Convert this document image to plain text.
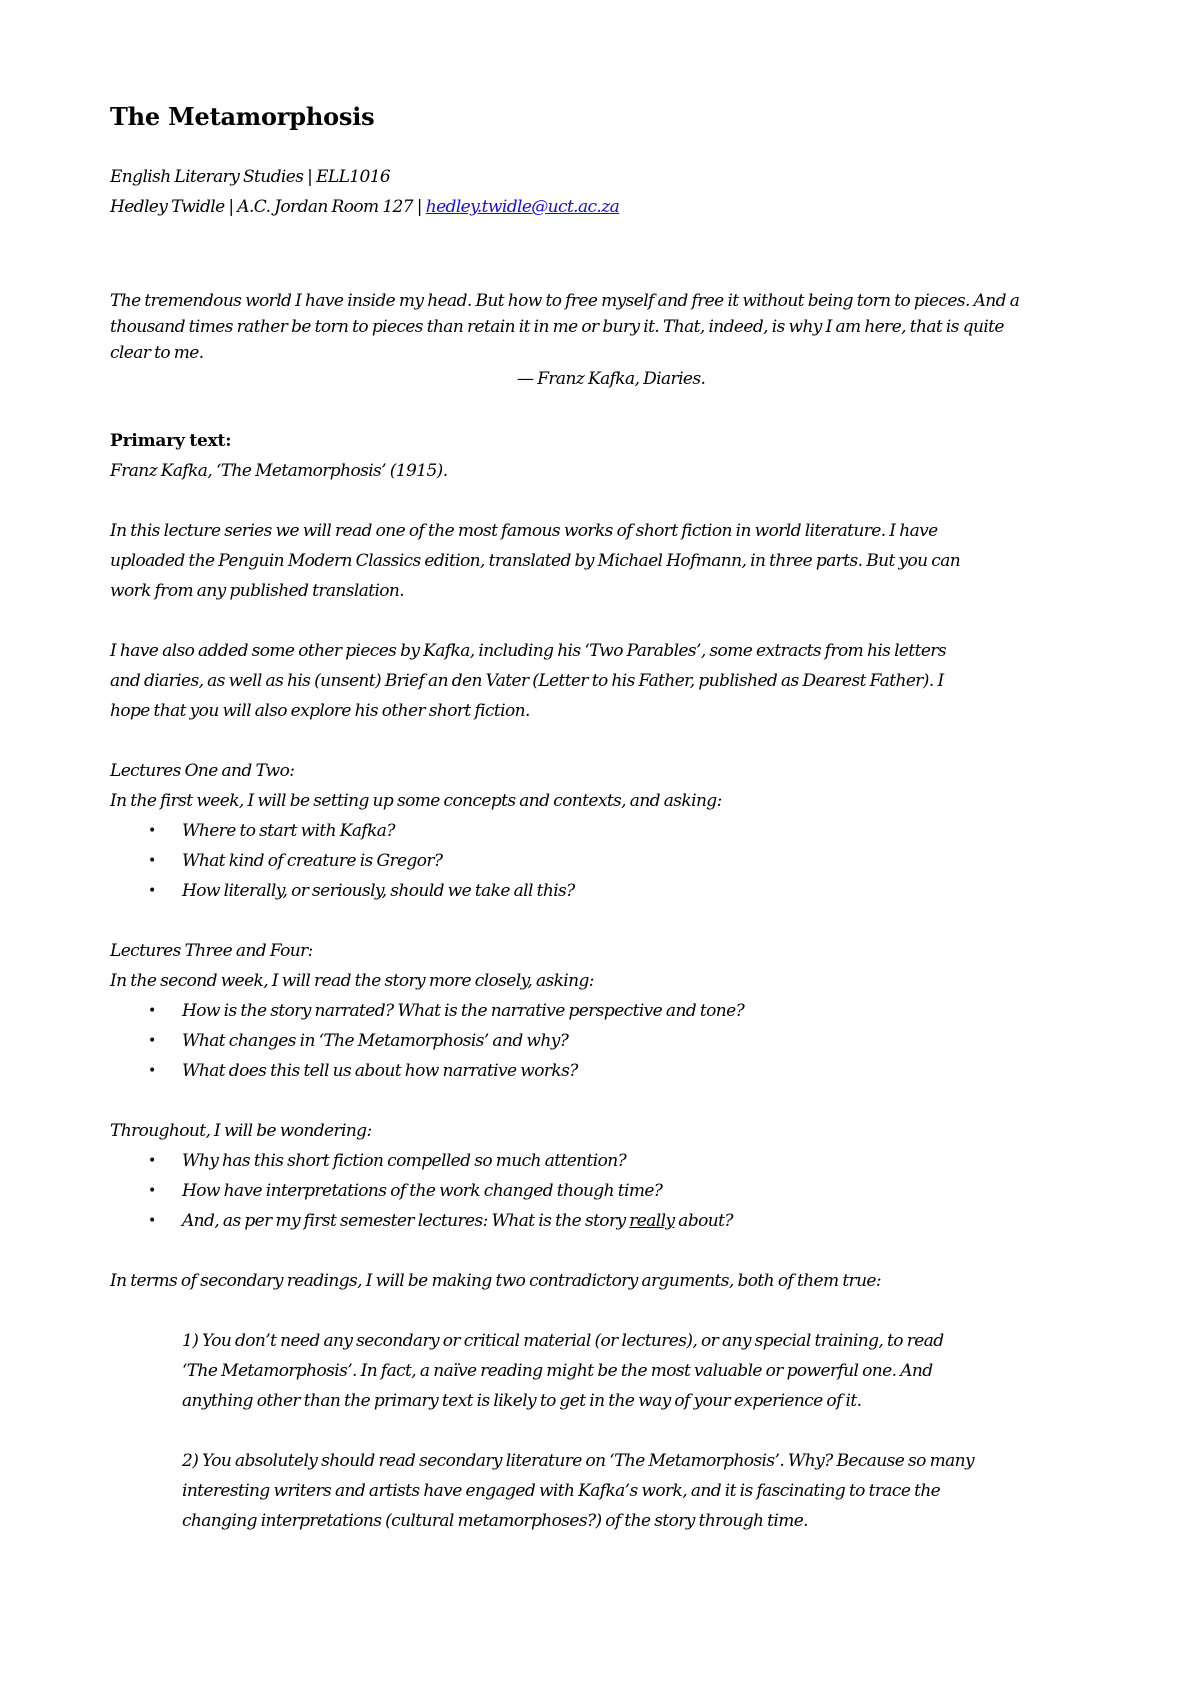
The Metamorphosis
English Literary Studies | ELL1016
Hedley Twidle | A.C. Jordan Room 127 | hedley.twidle@uct.ac.za
The tremendous world I have inside my head. But how to free myself and free it without being torn to pieces. And a
thousand times rather be torn to pieces than retain it in me or bury it. That, indeed, is why I am here, that is quite
clear to me.
— Franz Kafka, Diaries.
Primary text:
Franz Kafka, ‘The Metamorphosis’ (1915).
In this lecture series we will read one of the most famous works of short fiction in world literature. I have
uploaded the Penguin Modern Classics edition, translated by Michael Hofmann, in three parts. But you can
work from any published translation.
I have also added some other pieces by Kafka, including his ‘Two Parables’, some extracts from his letters
and diaries, as well as his (unsent) Brief an den Vater (Letter to his Father, published as Dearest Father). I
hope that you will also explore his other short fiction.
Lectures One and Two:
In the first week, I will be setting up some concepts and contexts, and asking:
• Where to start with Kafka?
• What kind of creature is Gregor?
• How literally, or seriously, should we take all this?
Lectures Three and Four:
In the second week, I will read the story more closely, asking:
• How is the story narrated? What is the narrative perspective and tone?
• What changes in ‘The Metamorphosis’ and why?
• What does this tell us about how narrative works?
Throughout, I will be wondering:
• Why has this short fiction compelled so much attention?
• How have interpretations of the work changed though time?
• And, as per my first semester lectures: What is the story really about?
In terms of secondary readings, I will be making two contradictory arguments, both of them true:
1) You don’t need any secondary or critical material (or lectures), or any special training, to read
‘The Metamorphosis’. In fact, a naïve reading might be the most valuable or powerful one. And
anything other than the primary text is likely to get in the way of your experience of it.
2) You absolutely should read secondary literature on ‘The Metamorphosis’. Why? Because so many
interesting writers and artists have engaged with Kafka’s work, and it is fascinating to trace the
changing interpretations (cultural metamorphoses?) of the story through time.
